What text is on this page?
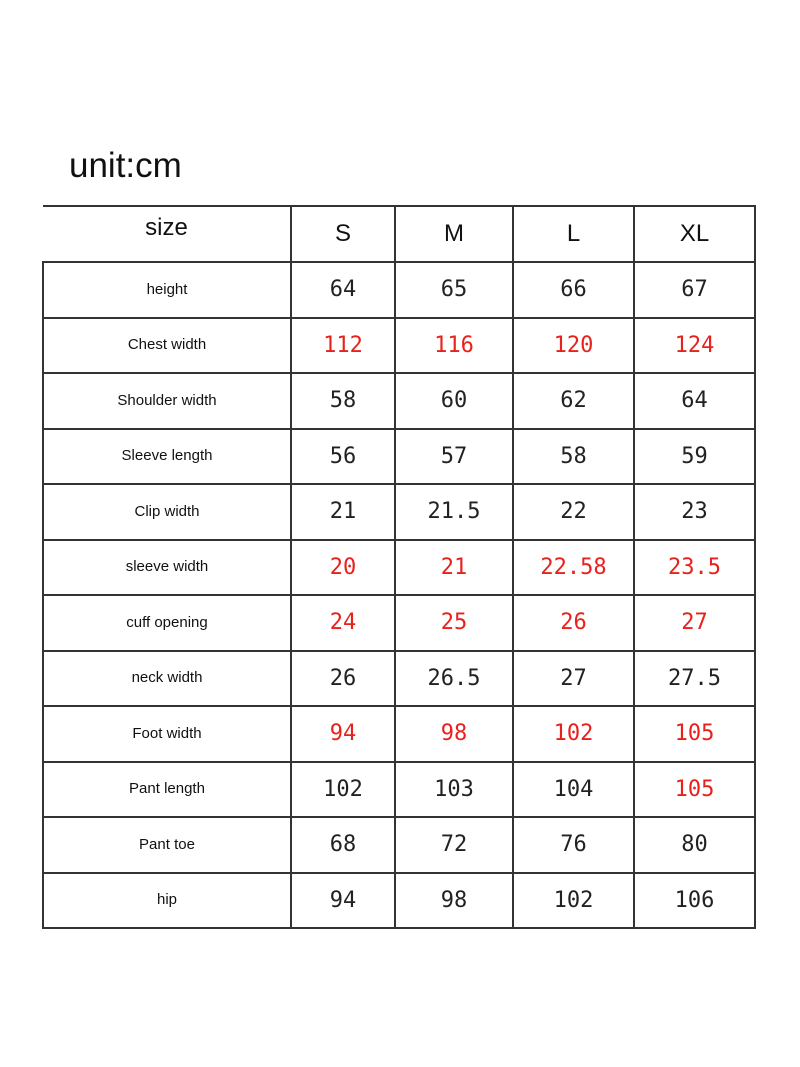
unit:cm
size	S	M	L	XL
height	64	65	66	67
Chest width	112	116	120	124
Shoulder width	58	60	62	64
Sleeve length	56	57	58	59
Clip width	21	21.5	22	23
sleeve width	20	21	22.58	23.5
cuff opening	24	25	26	27
neck width	26	26.5	27	27.5
Foot width	94	98	102	105
Pant length	102	103	104	105
Pant toe	68	72	76	80
hip	94	98	102	106
